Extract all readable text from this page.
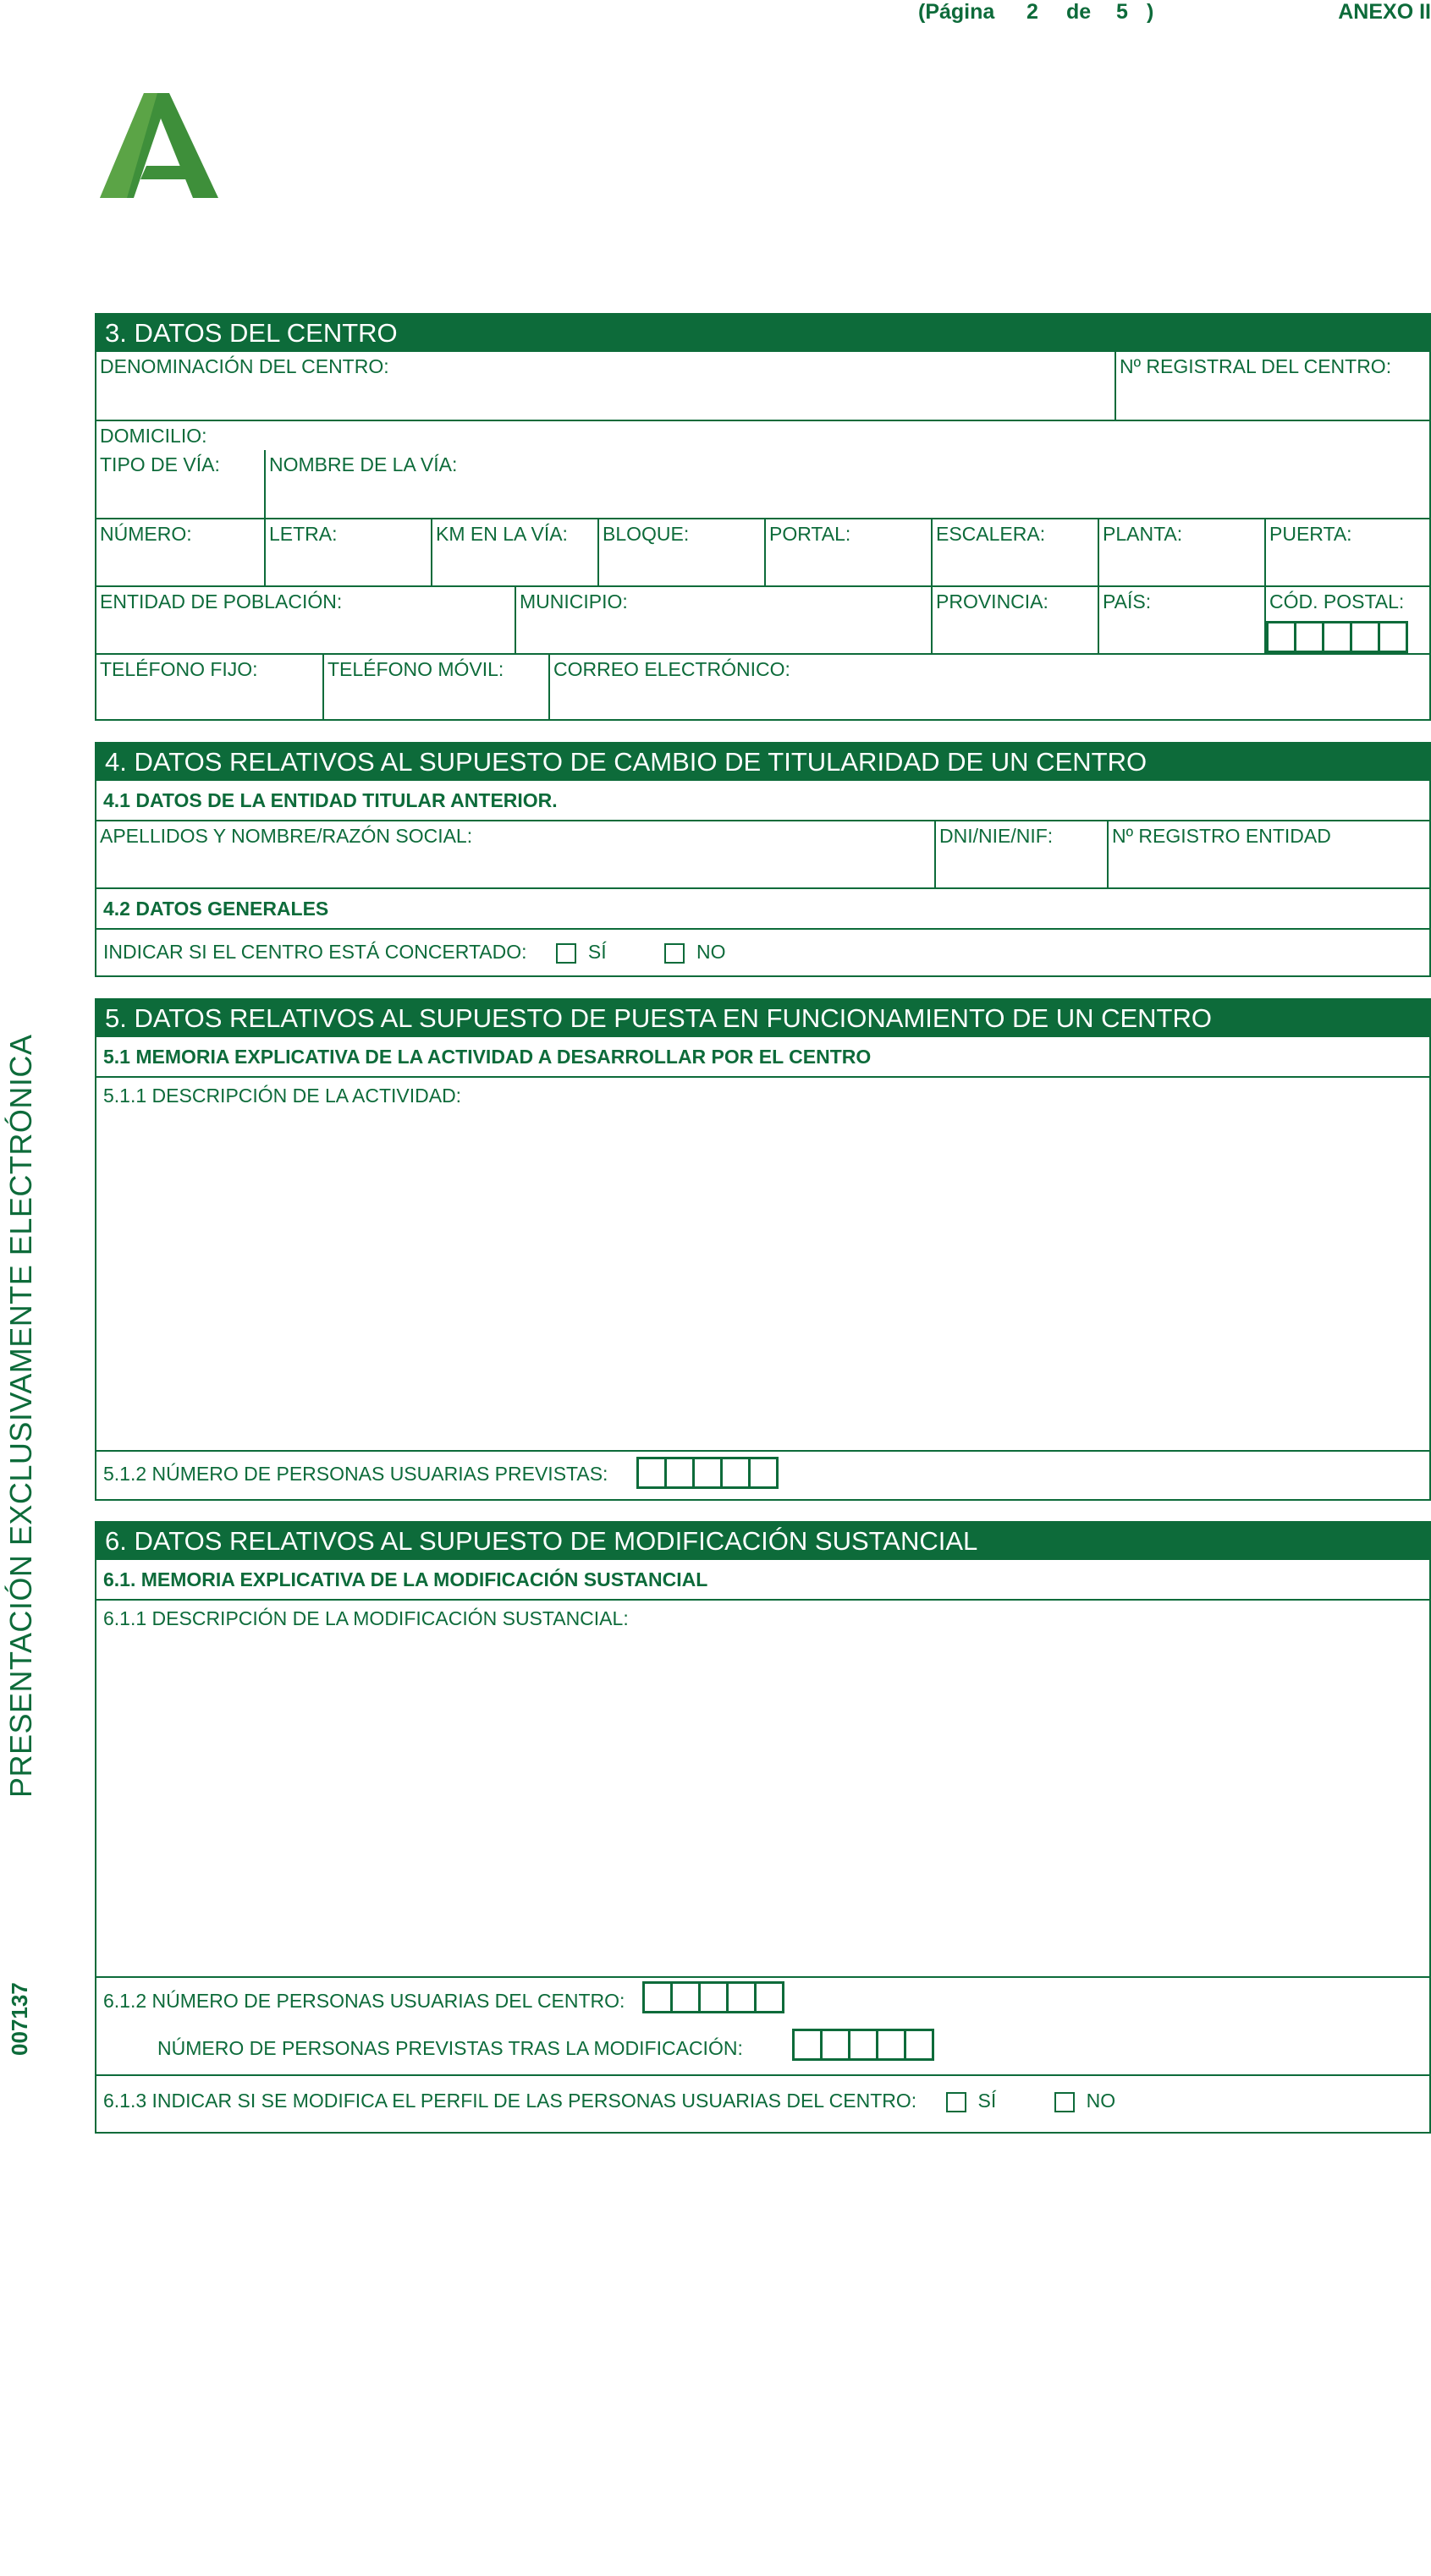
(Página 2 de 5 )	ANEXO II
PRESENTACIÓN EXCLUSIVAMENTE ELECTRÓNICA
007137
3. DATOS DEL CENTRO
DENOMINACIÓN DEL CENTRO:	Nº REGISTRAL DEL CENTRO:
DOMICILIO:
TIPO DE VÍA:	NOMBRE DE LA VÍA:
NÚMERO:	LETRA:	KM EN LA VÍA:	BLOQUE:	PORTAL:	ESCALERA:	PLANTA:	PUERTA:
ENTIDAD DE POBLACIÓN:	MUNICIPIO:	PROVINCIA:	PAÍS:	CÓD. POSTAL:
TELÉFONO FIJO:	TELÉFONO MÓVIL:	CORREO ELECTRÓNICO:
4. DATOS RELATIVOS AL SUPUESTO DE CAMBIO DE TITULARIDAD DE UN CENTRO
4.1 DATOS DE LA ENTIDAD TITULAR ANTERIOR.
APELLIDOS Y NOMBRE/RAZÓN SOCIAL:	DNI/NIE/NIF:	Nº REGISTRO ENTIDAD
4.2 DATOS GENERALES
INDICAR SI EL CENTRO ESTÁ CONCERTADO:	SÍ	NO
5. DATOS RELATIVOS AL SUPUESTO DE PUESTA EN FUNCIONAMIENTO DE UN CENTRO
5.1 MEMORIA EXPLICATIVA DE LA ACTIVIDAD A DESARROLLAR POR EL CENTRO
5.1.1 DESCRIPCIÓN DE LA ACTIVIDAD:
5.1.2 NÚMERO DE PERSONAS USUARIAS PREVISTAS:
6. DATOS RELATIVOS AL SUPUESTO DE MODIFICACIÓN SUSTANCIAL
6.1. MEMORIA EXPLICATIVA DE LA MODIFICACIÓN SUSTANCIAL
6.1.1 DESCRIPCIÓN DE LA MODIFICACIÓN SUSTANCIAL:
6.1.2 NÚMERO DE PERSONAS USUARIAS DEL CENTRO:
NÚMERO DE PERSONAS PREVISTAS TRAS LA MODIFICACIÓN:
6.1.3 INDICAR SI SE MODIFICA EL PERFIL DE LAS PERSONAS USUARIAS DEL CENTRO:	SÍ	NO
